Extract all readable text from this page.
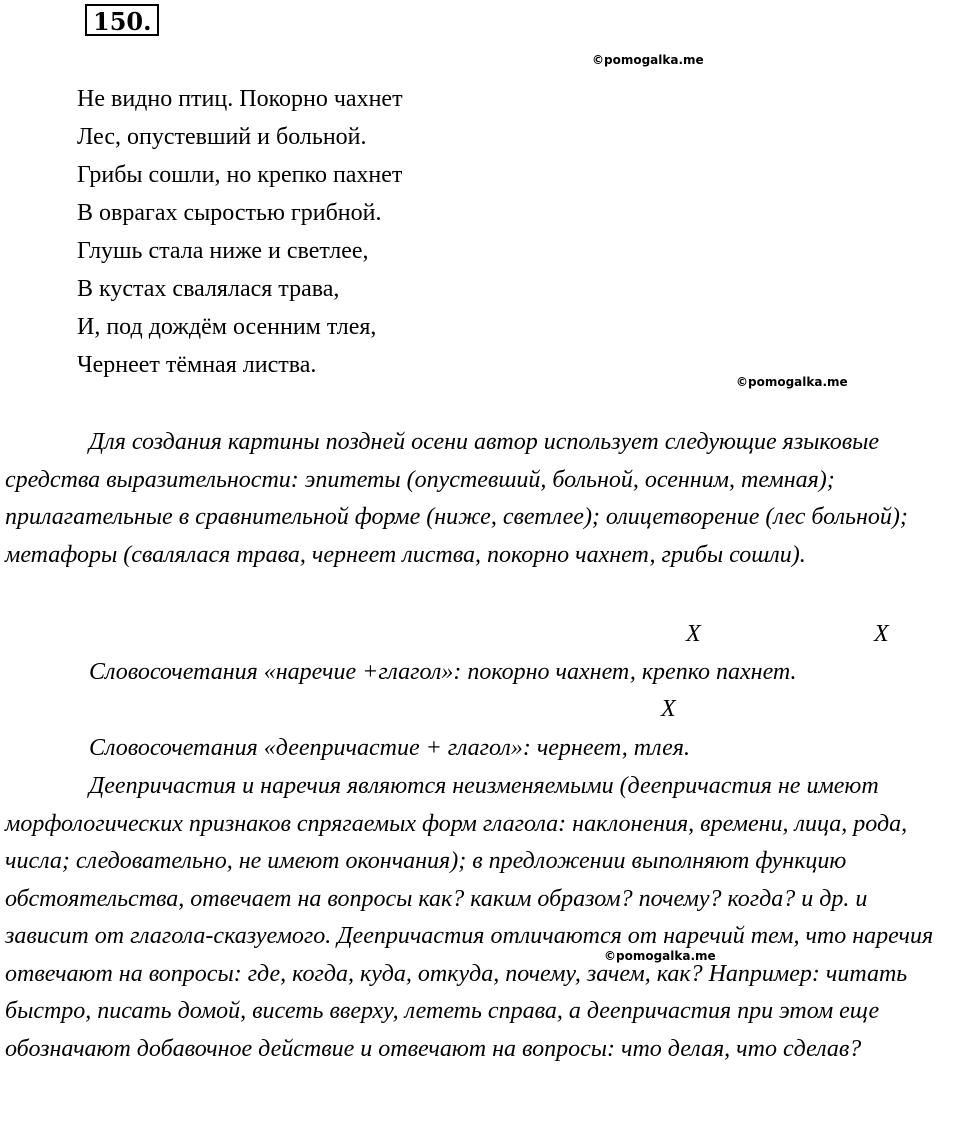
150.
©pomogalka.me
©pomogalka.me
©pomogalka.me
Не видно птиц. Покорно чахнет
Лес, опустевший и больной.
Грибы сошли, но крепко пахнет
В оврагах сыростью грибной.
Глушь стала ниже и светлее,
В кустах свалялася трава,
И, под дождём осенним тлея,
Чернеет тёмная листва.

Для создания картины поздней осени автор использует следующие языковые средства выразительности: эпитеты (опустевший, больной, осенним, темная); прилагательные в сравнительной форме (ниже, светлее); олицетворение (лес больной); метафоры (свалялася трава, чернеет листва, покорно чахнет, грибы сошли).

Х	Х

Словосочетания «наречие +глагол»: покорно чахнет, крепко пахнет.

Х

Словосочетания «деепричастие + глагол»: чернеет, тлея.

Деепричастия и наречия являются неизменяемыми (деепричастия не имеют морфологических признаков спрягаемых форм глагола: наклонения, времени, лица, рода, числа; следовательно, не имеют окончания); в предложении выполняют функцию обстоятельства, отвечает на вопросы как? каким образом? почему? когда? и др. и зависит от глагола-сказуемого. Деепричастия отличаются от наречий тем, что наречия отвечают на вопросы: где, когда, куда, откуда, почему, зачем, как? Например: читать быстро, писать домой, висеть вверху, лететь справа, а деепричастия при этом еще обозначают добавочное действие и отвечают на вопросы: что делая, что сделав?
